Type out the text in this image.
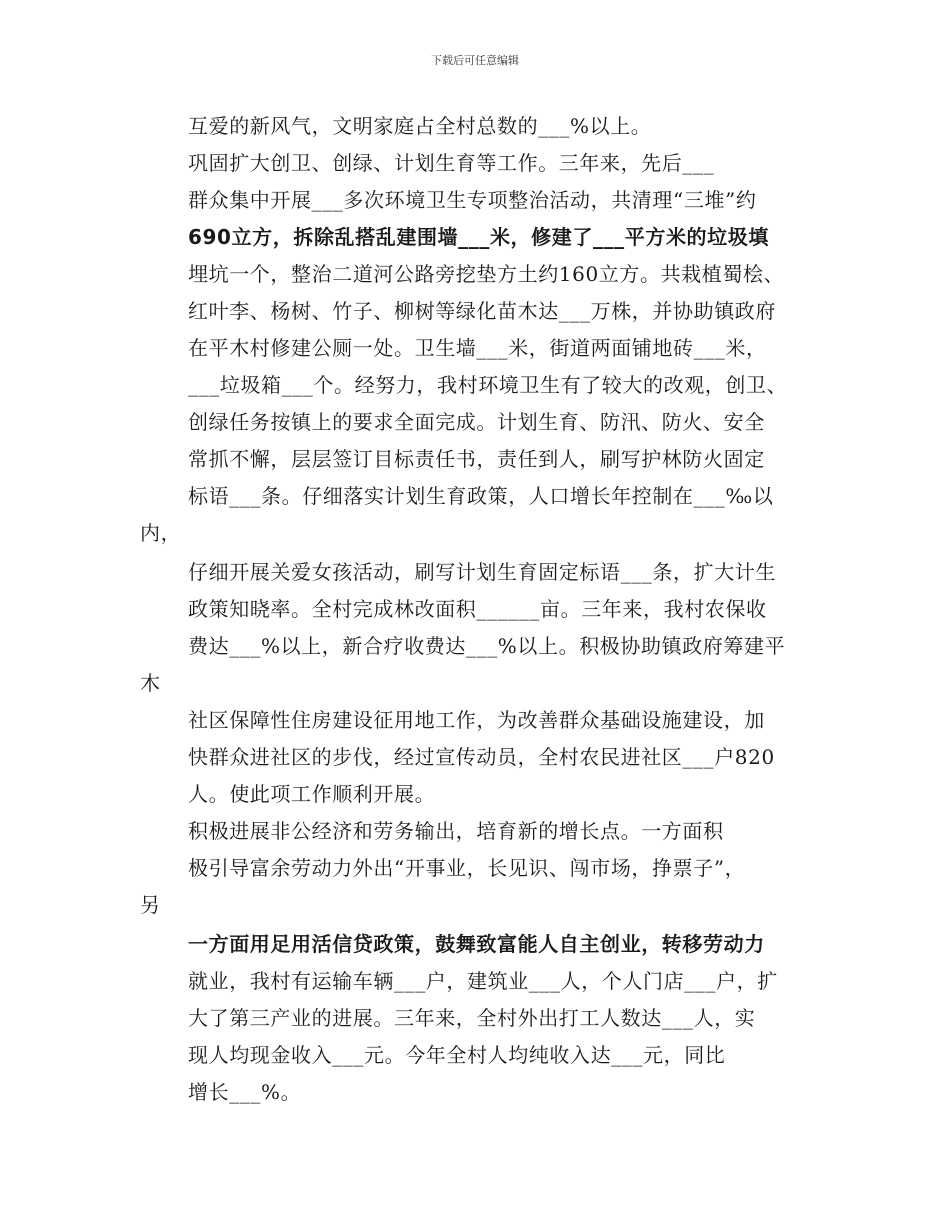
下载后可任意编辑
互爱的新风气，文明家庭占全村总数的___%以上。
巩固扩大创卫、创绿、计划生育等工作。三年来，先后___
群众集中开展___多次环境卫生专项整治活动，共清理“三堆”约
690立方，拆除乱搭乱建围墙___米，修建了___平方米的垃圾填
埋坑一个，整治二道河公路旁挖垫方土约160立方。共栽植蜀桧、
红叶李、杨树、竹子、柳树等绿化苗木达___万株，并协助镇政府
在平木村修建公厕一处。卫生墙___米，街道两面铺地砖___米，
___垃圾箱___个。经努力，我村环境卫生有了较大的改观，创卫、
创绿任务按镇上的要求全面完成。计划生育、防汛、防火、安全
常抓不懈，层层签订目标责任书，责任到人，刷写护林防火固定
标语___条。仔细落实计划生育政策，人口增长年控制在___‰以
内，
仔细开展关爱女孩活动，刷写计划生育固定标语___条，扩大计生
政策知晓率。全村完成林改面积______亩。三年来，我村农保收
费达___%以上，新合疗收费达___%以上。积极协助镇政府筹建平
木
社区保障性住房建设征用地工作，为改善群众基础设施建设，加
快群众进社区的步伐，经过宣传动员，全村农民进社区___户820
人。使此项工作顺利开展。
积极进展非公经济和劳务输出，培育新的增长点。一方面积
极引导富余劳动力外出“开事业，长见识、闯市场，挣票子”，
另
一方面用足用活信贷政策，鼓舞致富能人自主创业，转移劳动力
就业，我村有运输车辆___户，建筑业___人，个人门店___户，扩
大了第三产业的进展。三年来，全村外出打工人数达___人，实
现人均现金收入___元。今年全村人均纯收入达___元，同比
增长___%。
